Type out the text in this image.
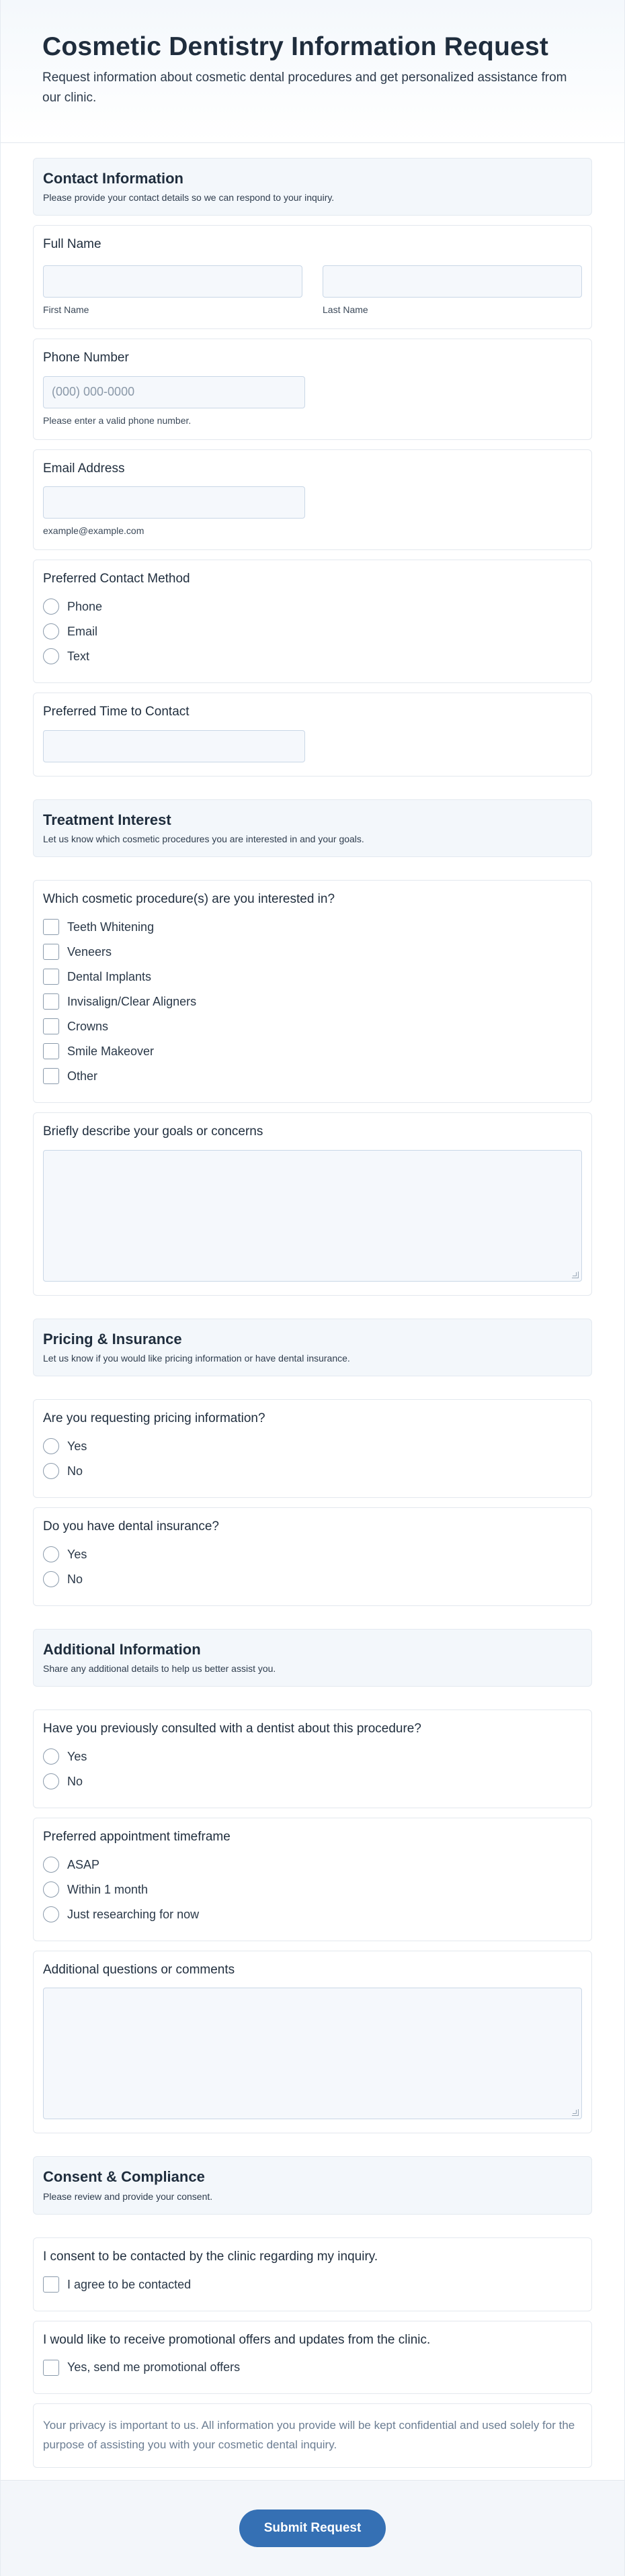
Cosmetic Dentistry Information Request

Request information about cosmetic dental procedures and get personalized assistance from our clinic.

Contact Information
Please provide your contact details so we can respond to your inquiry.
Full Name
First Name	Last Name
Phone Number
(000) 000-0000
Please enter a valid phone number.
Email Address
example@example.com
Preferred Contact Method
Phone
Email
Text
Preferred Time to Contact
Treatment Interest
Let us know which cosmetic procedures you are interested in and your goals.
Which cosmetic procedure(s) are you interested in?
Teeth Whitening
Veneers
Dental Implants
Invisalign/Clear Aligners
Crowns
Smile Makeover
Other
Briefly describe your goals or concerns
Pricing & Insurance
Let us know if you would like pricing information or have dental insurance.
Are you requesting pricing information?
Yes
No
Do you have dental insurance?
Yes
No
Additional Information
Share any additional details to help us better assist you.
Have you previously consulted with a dentist about this procedure?
Yes
No
Preferred appointment timeframe
ASAP
Within 1 month
Just researching for now
Additional questions or comments
Consent & Compliance
Please review and provide your consent.
I consent to be contacted by the clinic regarding my inquiry.
I agree to be contacted
I would like to receive promotional offers and updates from the clinic.
Yes, send me promotional offers
Your privacy is important to us. All information you provide will be kept confidential and used solely for the purpose of assisting you with your cosmetic dental inquiry.
Submit Request
